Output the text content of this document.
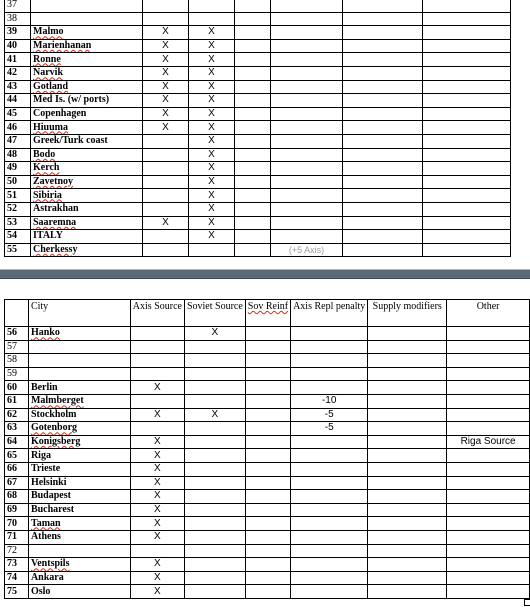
37							
38							
39	Malmo	X	X				
40	Marienhanan	X	X				
41	Ronne	X	X				
42	Narvik	X	X				
43	Gotland	X	X				
44	Med Is. (w/ ports)	X	X				
45	Copenhagen	X	X				
46	Hiuuma	X	X				
47	Greek/Turk coast		X				
48	Bodo		X				
49	Kerch		X				
50	Zavetnoy		X				
51	Sibiria		X				
52	Astrakhan		X				
53	Saaremna	X	X				
54	ITALY		X				
55	Cherkessy				(+5 Axis)		
	City	Axis Source	Soviet Source	Sov Reinf	Axis Repl penalty	Supply modifiers	Other
56	Hanko		X				
57							
58							
59							
60	Berlin	X					
61	Malmberget				-10		
62	Stockholm	X	X		-5		
63	Gotenborg				-5		
64	Konigsberg	X					Riga Source
65	Riga	X					
66	Trieste	X					
67	Helsinki	X					
68	Budapest	X					
69	Bucharest	X					
70	Taman	X					
71	Athens	X					
72							
73	Ventspils	X					
74	Ankara	X					
75	Oslo	X					
